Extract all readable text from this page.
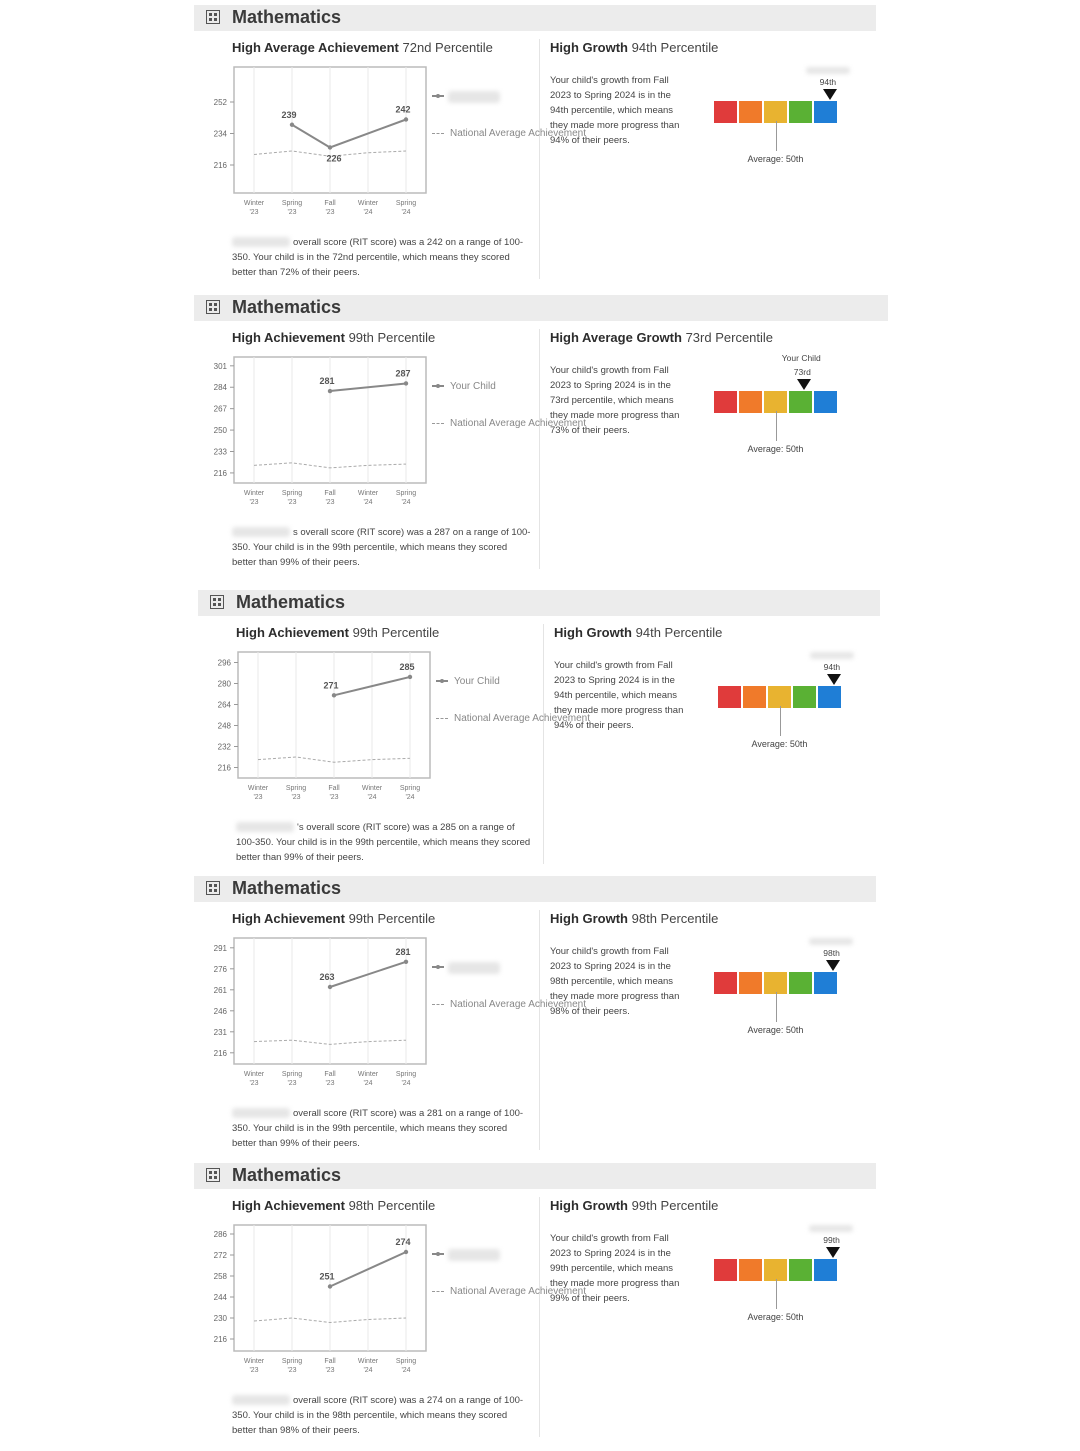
Mathematics
High Average Achievement 72nd Percentile	High Growth 94th Percentile
216
234
252
Winter
'23
Spring
'23
Fall
'23
Winter
'24
Spring
'24
239
226
242
National Average Achievement
overall score (RIT score) was a 242 on a range of 100-350. Your child is in the 72nd percentile, which means they scored better than 72% of their peers.
Your child's growth from Fall 2023 to Spring 2024 is in the 94th percentile, which means they made more progress than 94% of their peers.
Average: 50th
94th
Mathematics
High Achievement 99th Percentile	High Average Growth 73rd Percentile
216
233
250
267
284
301
Winter
'23
Spring
'23
Fall
'23
Winter
'24
Spring
'24
281
287
Your Child
National Average Achievement
s overall score (RIT score) was a 287 on a range of 100-350. Your child is in the 99th percentile, which means they scored better than 99% of their peers.
Your child's growth from Fall 2023 to Spring 2024 is in the 73rd percentile, which means they made more progress than 73% of their peers.
Average: 50th
73rd
Your Child
Mathematics
High Achievement 99th Percentile	High Growth 94th Percentile
216
232
248
264
280
296
Winter
'23
Spring
'23
Fall
'23
Winter
'24
Spring
'24
271
285
Your Child
National Average Achievement
's overall score (RIT score) was a 285 on a range of 100-350. Your child is in the 99th percentile, which means they scored better than 99% of their peers.
Your child's growth from Fall 2023 to Spring 2024 is in the 94th percentile, which means they made more progress than 94% of their peers.
Average: 50th
94th
Mathematics
High Achievement 99th Percentile	High Growth 98th Percentile
216
231
246
261
276
291
Winter
'23
Spring
'23
Fall
'23
Winter
'24
Spring
'24
263
281
National Average Achievement
overall score (RIT score) was a 281 on a range of 100-350. Your child is in the 99th percentile, which means they scored better than 99% of their peers.
Your child's growth from Fall 2023 to Spring 2024 is in the 98th percentile, which means they made more progress than 98% of their peers.
Average: 50th
98th
Mathematics
High Achievement 98th Percentile	High Growth 99th Percentile
216
230
244
258
272
286
Winter
'23
Spring
'23
Fall
'23
Winter
'24
Spring
'24
251
274
National Average Achievement
overall score (RIT score) was a 274 on a range of 100-350. Your child is in the 98th percentile, which means they scored better than 98% of their peers.
Your child's growth from Fall 2023 to Spring 2024 is in the 99th percentile, which means they made more progress than 99% of their peers.
Average: 50th
99th
